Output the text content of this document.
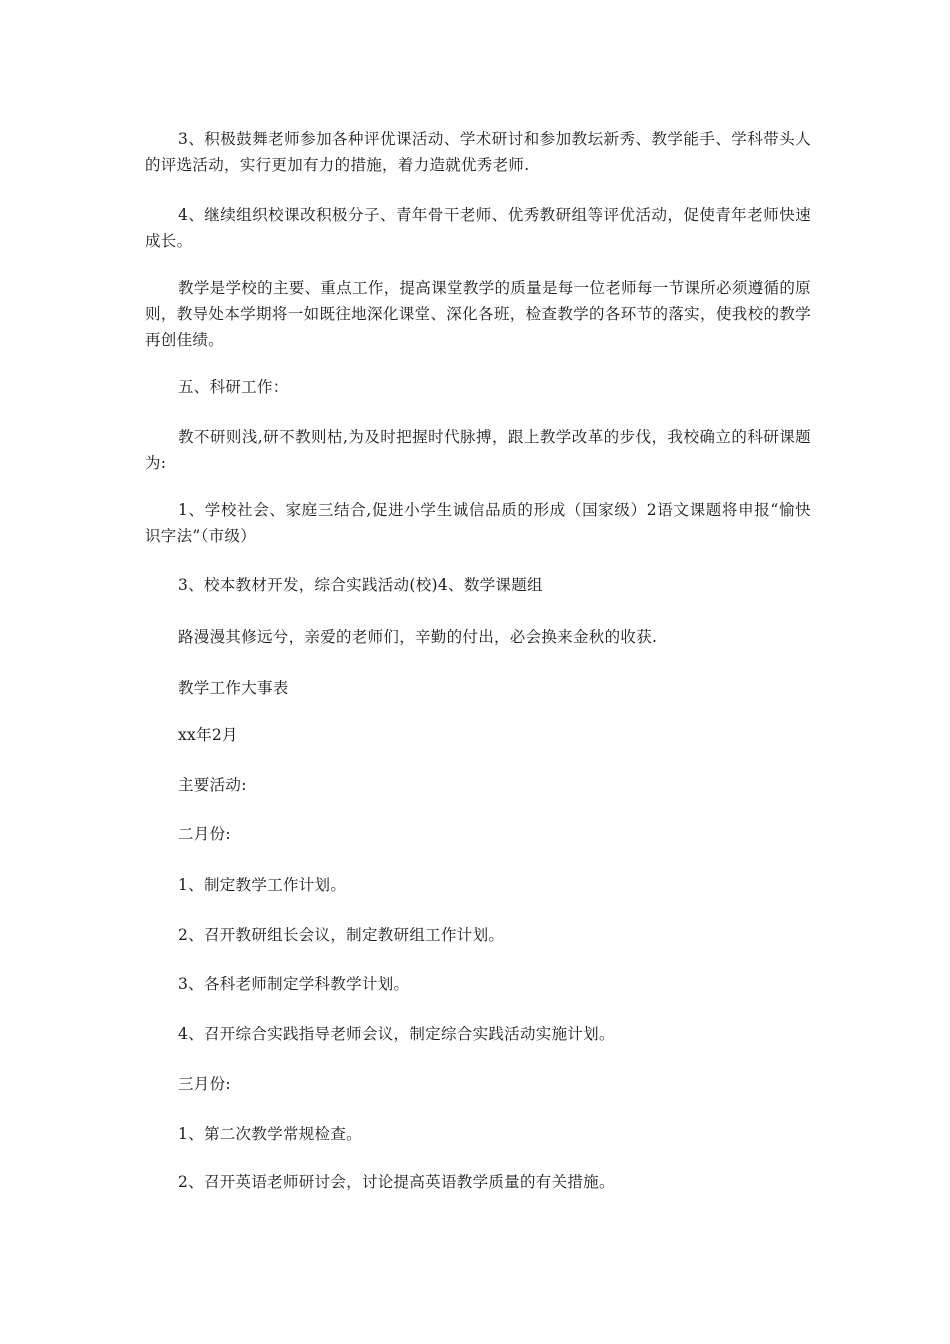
3、积极鼓舞老师参加各种评优课活动、学术研讨和参加教坛新秀、教学能手、学科带头人的评选活动，实行更加有力的措施，着力造就优秀老师.

4、继续组织校课改积极分子、青年骨干老师、优秀教研组等评优活动，促使青年老师快速成长。

教学是学校的主要、重点工作，提高课堂教学的质量是每一位老师每一节课所必须遵循的原则，教导处本学期将一如既往地深化课堂、深化各班，检查教学的各环节的落实，使我校的教学再创佳绩。

五、科研工作：

教不研则浅,研不教则枯,为及时把握时代脉搏，跟上教学改革的步伐，我校确立的科研课题为:

1、学校社会、家庭三结合,促进小学生诚信品质的形成（国家级）2语文课题将申报“愉快识字法”（市级）

3、校本教材开发，综合实践活动(校)4、数学课题组

路漫漫其修远兮，亲爱的老师们，辛勤的付出，必会换来金秋的收获.

教学工作大事表

xx年2月

主要活动:

二月份:

1、制定教学工作计划。

2、召开教研组长会议，制定教研组工作计划。

3、各科老师制定学科教学计划。

4、召开综合实践指导老师会议，制定综合实践活动实施计划。

三月份:

1、第二次教学常规检查。

2、召开英语老师研讨会，讨论提高英语教学质量的有关措施。
